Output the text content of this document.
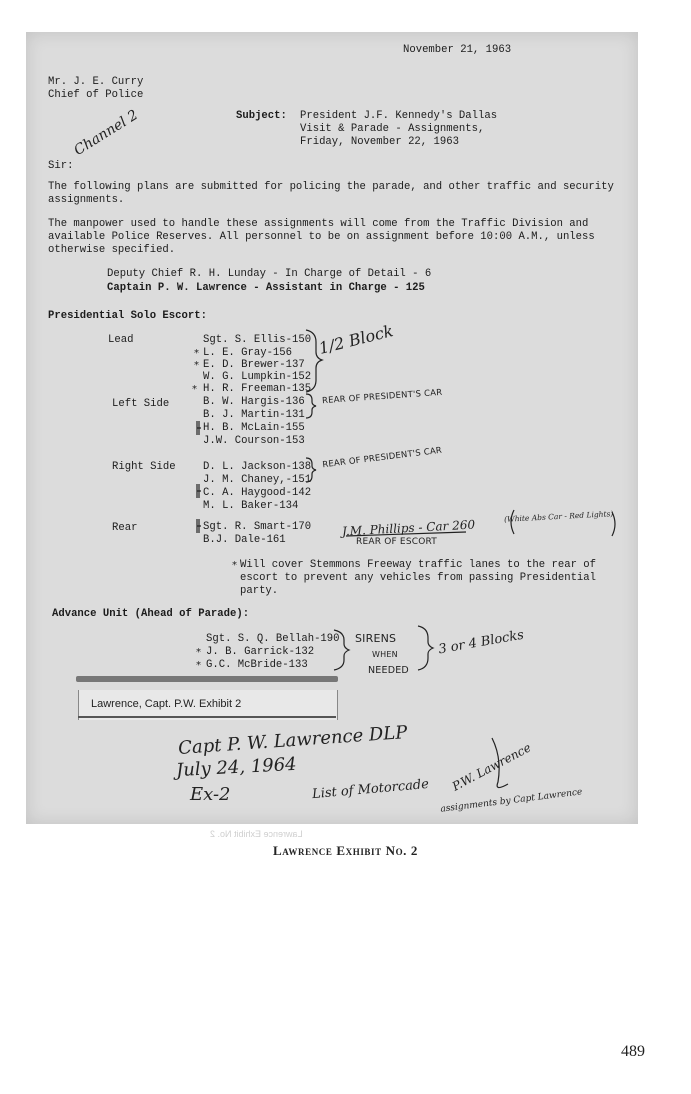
Lawrence Exhibit No. 2
November 21, 1963
Mr. J. E. Curry
Chief of Police
Subject: President J.F. Kennedy's Dallas
Visit & Parade - Assignments,
Friday, November 22, 1963
Sir:
The following plans are submitted for policing the parade, and other traffic and security
assignments.
The manpower used to handle these assignments will come from the Traffic Division and
available Police Reserves. All personnel to be on assignment before 10:00 A.M., unless
otherwise specified.
Deputy Chief R. H. Lunday - In Charge of Detail - 6
Captain P. W. Lawrence - Assistant in Charge - 125
Presidential Solo Escort:
Lead	Sgt. S. Ellis-150
L. E. Gray-156
E. D. Brewer-137
W. G. Lumpkin-152
H. R. Freeman-135
Left Side	B. W. Hargis-136
B. J. Martin-131
H. B. McLain-155
J.W. Courson-153
Right Side	D. L. Jackson-138
J. M. Chaney,-151
C. A. Haygood-142
M. L. Baker-134
Rear	Sgt. R. Smart-170
B.J. Dale-161
Will cover Stemmons Freeway traffic lanes to the rear of
escort to prevent any vehicles from passing Presidential
party.
Advance Unit (Ahead of Parade):
Sgt. S. Q. Bellah-190
J. B. Garrick-132
G.C. McBride-133
Channel 2
1/2 Block
REAR OF PRESIDENT'S CAR
REAR OF PRESIDENT'S CAR
J.M. Phillips - Car 260
(White Abs Car - Red Lights)
REAR OF ESCORT
SIRENS
WHEN
NEEDED
3 or 4 Blocks
Lawrence, Capt. P.W. Exhibit 2
Capt P. W. Lawrence DLP
July 24, 1964
Ex-2	List of Motorcade assignments by Capt Lawrence
P.W. Lawrence
*
*
*
*
*
*
Lawrence Exhibit No. 2
489
